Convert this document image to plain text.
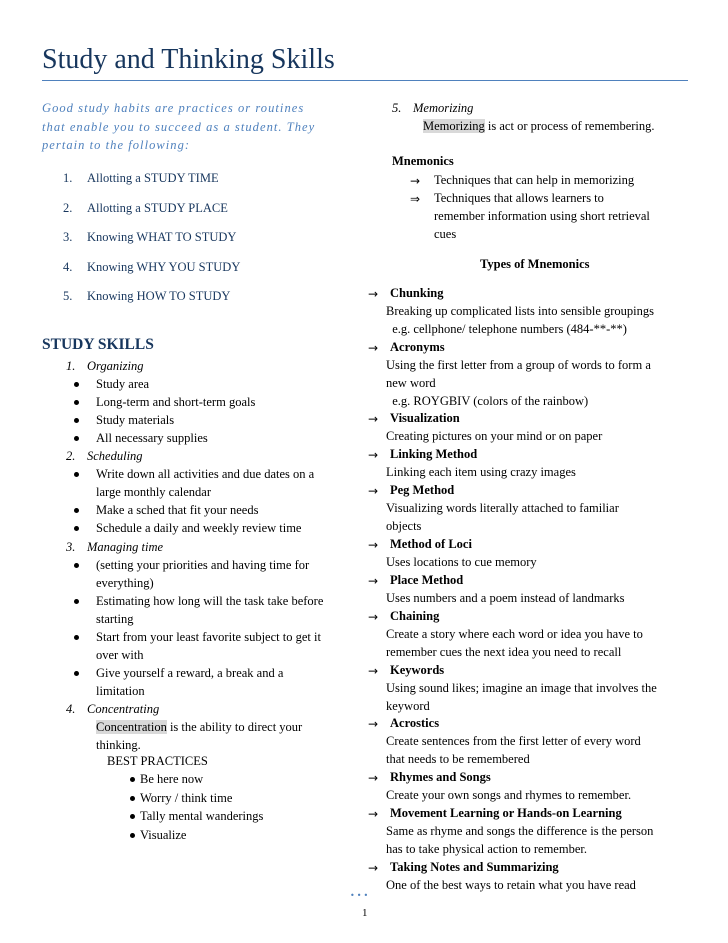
Study and Thinking Skills
Good study habits are practices or routines
that enable you to succeed as a student. They
pertain to the following:
1. Allotting a STUDY TIME
2. Allotting a STUDY PLACE
3. Knowing WHAT TO STUDY
4. Knowing WHY YOU STUDY
5. Knowing HOW TO STUDY
STUDY SKILLS
1. Organizing
Study area
Long-term and short-term goals
Study materials
All necessary supplies
2. Scheduling
Write down all activities and due dates on a
large monthly calendar
Make a sched that fit your needs
Schedule a daily and weekly review time
3. Managing time
(setting your priorities and having time for
everything)
Estimating how long will the task take before
starting
Start from your least favorite subject to get it
over with
Give yourself a reward, a break and a
limitation
4. Concentrating
Concentration is the ability to direct your
thinking.
BEST PRACTICES
Be here now
Worry / think time
Tally mental wanderings
Visualize
5. Memorizing
Memorizing is act or process of remembering.
Mnemonics
→ Techniques that can help in memorizing
⇒ Techniques that allows learners to
remember information using short retrieval
cues
Types of Mnemonics
→ Chunking
Breaking up complicated lists into sensible groupings
e.g. cellphone/ telephone numbers (484-**-**)
→ Acronyms
Using the first letter from a group of words to form a
new word
e.g. ROYGBIV (colors of the rainbow)
→ Visualization
Creating pictures on your mind or on paper
→ Linking Method
Linking each item using crazy images
→ Peg Method
Visualizing words literally attached to familiar
objects
→ Method of Loci
Uses locations to cue memory
→ Place Method
Uses numbers and a poem instead of landmarks
→ Chaining
Create a story where each word or idea you have to
remember cues the next idea you need to recall
→ Keywords
Using sound likes; imagine an image that involves the
keyword
→ Acrostics
Create sentences from the first letter of every word
that needs to be remembered
→ Rhymes and Songs
Create your own songs and rhymes to remember.
→ Movement Learning or Hands-on Learning
Same as rhyme and songs the difference is the person
has to take physical action to remember.
→ Taking Notes and Summarizing
One of the best ways to retain what you have read
•••
1
